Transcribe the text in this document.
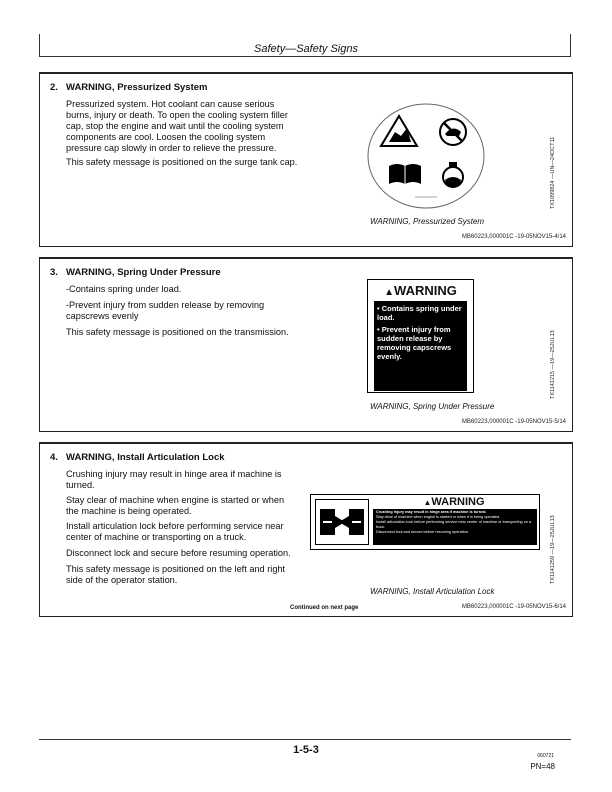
Safety—Safety Signs
2. WARNING, Pressurized System
Pressurized system. Hot coolant can cause serious burns, injury or death. To open the cooling system filler cap, stop the engine and wait until the cooling system components are cool. Loosen the cooling system pressure cap slowly in order to relieve the pressure.
This safety message is positioned on the surge tank cap.	TX1099824 —UN—24OCT11
WARNING, Pressurized System
MB60223,000001C -19-05NOV15-4/14
3. WARNING, Spring Under Pressure
-Contains spring under load.
-Prevent injury from sudden release by removing capscrews evenly
This safety message is positioned on the transmission.
▲WARNING
• Contains spring under load.
• Prevent injury from sudden release by removing capscrews evenly.	TX1141215 —19—25JUL13
WARNING, Spring Under Pressure
MB60223,000001C -19-05NOV15-5/14
4. WARNING, Install Articulation Lock
Crushing injury may result in hinge area if machine is turned.
Stay clear of machine when engine is started or when the machine is being operated.
Install articulation lock before performing service near center of machine or transporting on a truck.
Disconnect lock and secure before resuming operation.
This safety message is positioned on the left and right side of the operator station.
▲WARNING
Crushing injury may result in hinge area if machine is turned.
Stay clear of machine when engine is started or when it is being operated.
Install articulation lock before performing service near center of machine or transporting on a truck.
Disconnect lock and secure before resuming operation.	TX1141259 —19—25JUL13
WARNING, Install Articulation Lock
Continued on next page	MB60223,000001C -19-05NOV15-6/14
1-5-3	060721
PN=48
